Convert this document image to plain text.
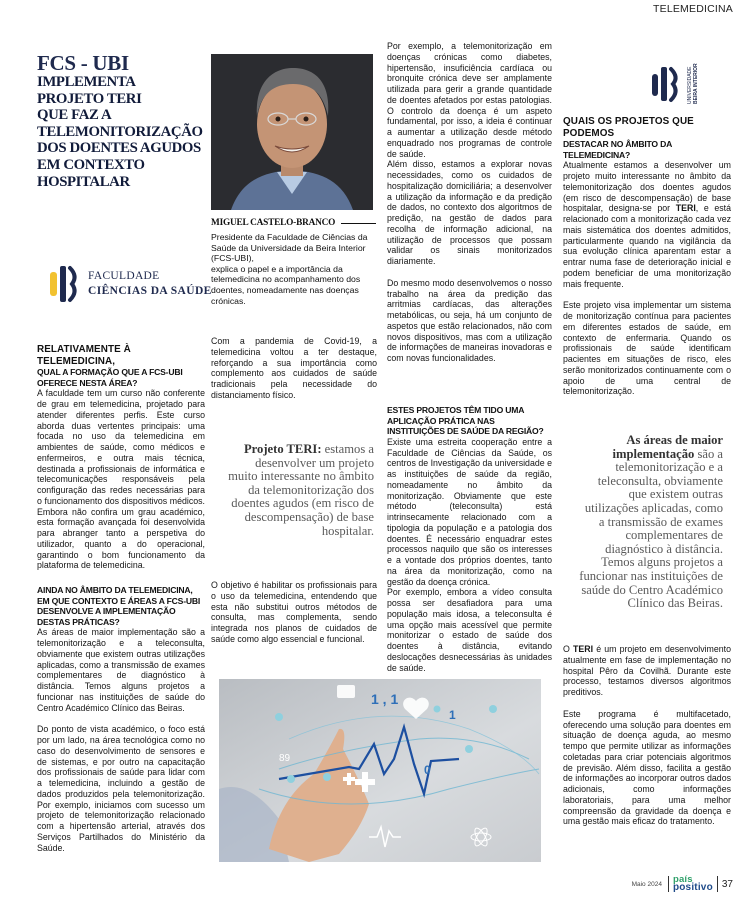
TELEMEDICINA
FCS - UBI
IMPLEMENTA
PROJETO TERI
QUE FAZ A
TELEMONITORIZAÇÃO
DOS DOENTES AGUDOS
EM CONTEXTO
HOSPITALAR
MIGUEL CASTELO-BRANCO
Presidente da Faculdade de Ciências da Saúde da Universidade da Beira Interior (FCS-UBI),
explica o papel e a importância da telemedicina no acompanhamento dos doentes, nomeadamente nas doenças crónicas.
FACULDADE
CIÊNCIAS DA SAÚDE
RELATIVAMENTE À TELEMEDICINA,
QUAL A FORMAÇÃO QUE A FCS-UBI OFERECE NESTA ÁREA?

A faculdade tem um curso não conferente de grau em telemedicina, projetado para atender diferentes perfis. Este curso aborda duas vertentes principais: uma focada no uso da telemedicina em ambientes de saúde, como médicos e enfermeiros, e outra mais técnica, destinada a profissionais de informática e telecomunicações responsáveis pela configuração das redes necessárias para o funcionamento dos dispositivos médicos. Embora não confira um grau académico, esta formação avançada foi desenvolvida para abranger tanto a perspetiva do utilizador, quanto a do operacional, garantindo o bom funcionamento da plataforma de telemedicina.

AINDA NO ÂMBITO DA TELEMEDICINA, EM QUE CONTEXTO E ÁREAS A FCS-UBI DESENVOLVE A IMPLEMENTAÇÃO DESTAS PRÁTICAS?

As áreas de maior implementação são a telemonitorização e a teleconsulta, obviamente que existem outras utilizações aplicadas, como a transmissão de exames complementares de diagnóstico à distância. Temos alguns projetos a funcionar nas instituições de saúde do Centro Académico Clínico das Beiras.

Do ponto de vista académico, o foco está por um lado, na área tecnológica como no caso do desenvolvimento de sensores e de sistemas, e por outro na capacitação dos profissionais de saúde para lidar com a telemedicina, incluindo a gestão de dados produzidos pela telemonitorização. Por exemplo, iniciamos com sucesso um projeto de telemonitorização relacionado com a hipertensão arterial, através dos Serviços Partilhados do Ministério da Saúde.

Com a pandemia de Covid-19, a telemedicina voltou a ter destaque, reforçando a sua importância como complemento aos cuidados de saúde tradicionais pela necessidade do distanciamento físico.

Projeto TERI: estamos a desenvolver um projeto muito interessante no âmbito da telemonitorização dos doentes agudos (em risco de descompensação) de base hospitalar.

O objetivo é habilitar os profissionais para o uso da telemedicina, entendendo que esta não substitui outros métodos de consulta, mas complementa, sendo integrada nos planos de cuidados de saúde como algo essencial e funcional.

Por exemplo, a telemonitorização em doenças crónicas como diabetes, hipertensão, insuficiência cardíaca ou bronquite crónica deve ser amplamente utilizada para gerir a grande quantidade de doentes afetados por estas patologias. O controlo da doença é um aspeto fundamental, por isso, a ideia é continuar a aumentar a utilização desde método enquadrado nos programas de controle de saúde.

Além disso, estamos a explorar novas necessidades, como os cuidados de hospitalização domiciliária; a desenvolver a utilização da informação e da predição de dados, no contexto dos algoritmos de predição, na gestão de dados para recolha de informação adicional, na utilização de processos que possam validar os sinais monitorizados diariamente.

Do mesmo modo desenvolvemos o nosso trabalho na área da predição das arritmias cardíacas, das alterações metabólicas, ou seja, há um conjunto de aspetos que estão relacionados, não com novos dispositivos, mas com a utilização de informações de maneiras inovadoras e com novas funcionalidades.

ESTES PROJETOS TÊM TIDO UMA APLICAÇÃO PRÁTICA NAS INSTITUIÇÕES DE SAÚDE DA REGIÃO?

Existe uma estreita cooperação entre a Faculdade de Ciências da Saúde, os centros de Investigação da universidade e as instituições de saúde da região, nomeadamente no âmbito da monitorização. Obviamente que este método (teleconsulta) está intrinsecamente relacionado com a tipologia da população e a patologia dos doentes. É necessário enquadrar estes processos naquilo que são os interesses e a vontade dos próprios doentes, tanto na área da monitorização, como na gestão da doença crónica.

Por exemplo, embora a vídeo consulta possa ser desafiadora para uma população mais idosa, a teleconsulta é uma opção mais acessível que permite monitorizar o estado de saúde dos doentes à distância, evitando deslocações desnecessárias às unidades de saúde.

UNIVERSIDADE BEIRA INTERIOR
QUAIS OS PROJETOS QUE PODEMOS
DESTACAR NO ÂMBITO DA TELEMEDICINA?

Atualmente estamos a desenvolver um projeto muito interessante no âmbito da telemonitorização dos doentes agudos (em risco de descompensação) de base hospitalar, designa-se por TERI, e está relacionado com a monitorização cada vez mais sistemática dos doentes admitidos, particularmente quando na vigilância da sua evolução clínica aparentam estar a entrar numa fase de deterioração inicial e podem beneficiar de uma monitorização mais frequente.

Este projeto visa implementar um sistema de monitorização contínua para pacientes em diferentes estados de saúde, em contexto de enfermaria. Quando os profissionais de saúde identificam pacientes em situações de risco, eles serão monitorizados continuamente com o apoio de uma central de telemonitorização.

As áreas de maior implementação são a telemonitorização e a teleconsulta, obviamente que existem outras utilizações aplicadas, como a transmissão de exames complementares de diagnóstico à distância. Temos alguns projetos a funcionar nas instituições de saúde do Centro Académico Clínico das Beiras.

O TERI é um projeto em desenvolvimento atualmente em fase de implementação no hospital Pêro da Covilhã. Durante este processo, testamos diversos algoritmos preditivos.

Este programa é multifacetado, oferecendo uma solução para doentes em situação de doença aguda, ao mesmo tempo que permite utilizar as informações coletadas para criar potenciais algoritmos de previsão. Além disso, facilita a gestão de informações ao incorporar outros dados adicionais, como informações laboratoriais, para uma melhor compreensão da gravidade da doença e uma gestão mais eficaz do tratamento.

89
1 , 1
1
0
Maio 2024 país
positivo 37
